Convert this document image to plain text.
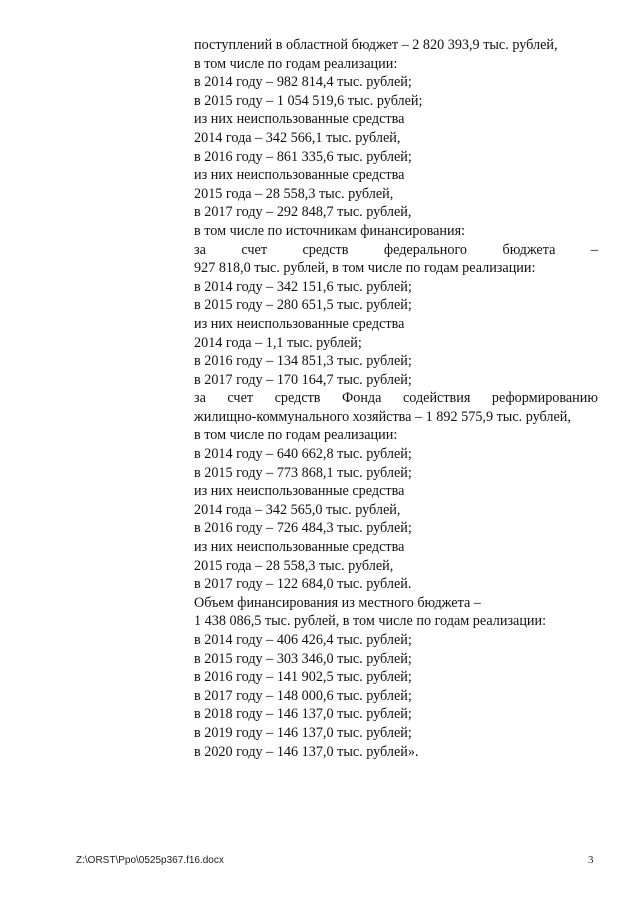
поступлений в областной бюджет – 2 820 393,9 тыс. рублей,
в том числе по годам реализации:
в 2014 году – 982 814,4 тыс. рублей;
в 2015 году – 1 054 519,6 тыс. рублей;
из них неиспользованные средства
2014 года – 342 566,1 тыс. рублей,
в 2016 году – 861 335,6 тыс. рублей;
из них неиспользованные средства
2015 года – 28 558,3 тыс. рублей,
в 2017 году – 292 848,7 тыс. рублей,
в том числе по источникам финансирования:
за счет средств федерального бюджета –
927 818,0 тыс. рублей, в том числе по годам реализации:
в 2014 году – 342 151,6 тыс. рублей;
в 2015 году – 280 651,5 тыс. рублей;
из них неиспользованные средства
2014 года – 1,1 тыс. рублей;
в 2016 году – 134 851,3 тыс. рублей;
в 2017 году – 170 164,7 тыс. рублей;
за счет средств Фонда содействия реформированию
жилищно-коммунального хозяйства – 1 892 575,9 тыс. рублей,
в том числе по годам реализации:
в 2014 году – 640 662,8 тыс. рублей;
в 2015 году – 773 868,1 тыс. рублей;
из них неиспользованные средства
2014 года – 342 565,0 тыс. рублей,
в 2016 году – 726 484,3 тыс. рублей;
из них неиспользованные средства
2015 года – 28 558,3 тыс. рублей,
в 2017 году – 122 684,0 тыс. рублей.
Объем финансирования из местного бюджета –
1 438 086,5 тыс. рублей, в том числе по годам реализации:
в 2014 году – 406 426,4 тыс. рублей;
в 2015 году – 303 346,0 тыс. рублей;
в 2016 году – 141 902,5 тыс. рублей;
в 2017 году – 148 000,6 тыс. рублей;
в 2018 году – 146 137,0 тыс. рублей;
в 2019 году – 146 137,0 тыс. рублей;
в 2020 году – 146 137,0 тыс. рублей».
Z:\ORST\Ppo\0525p367.f16.docx	3
